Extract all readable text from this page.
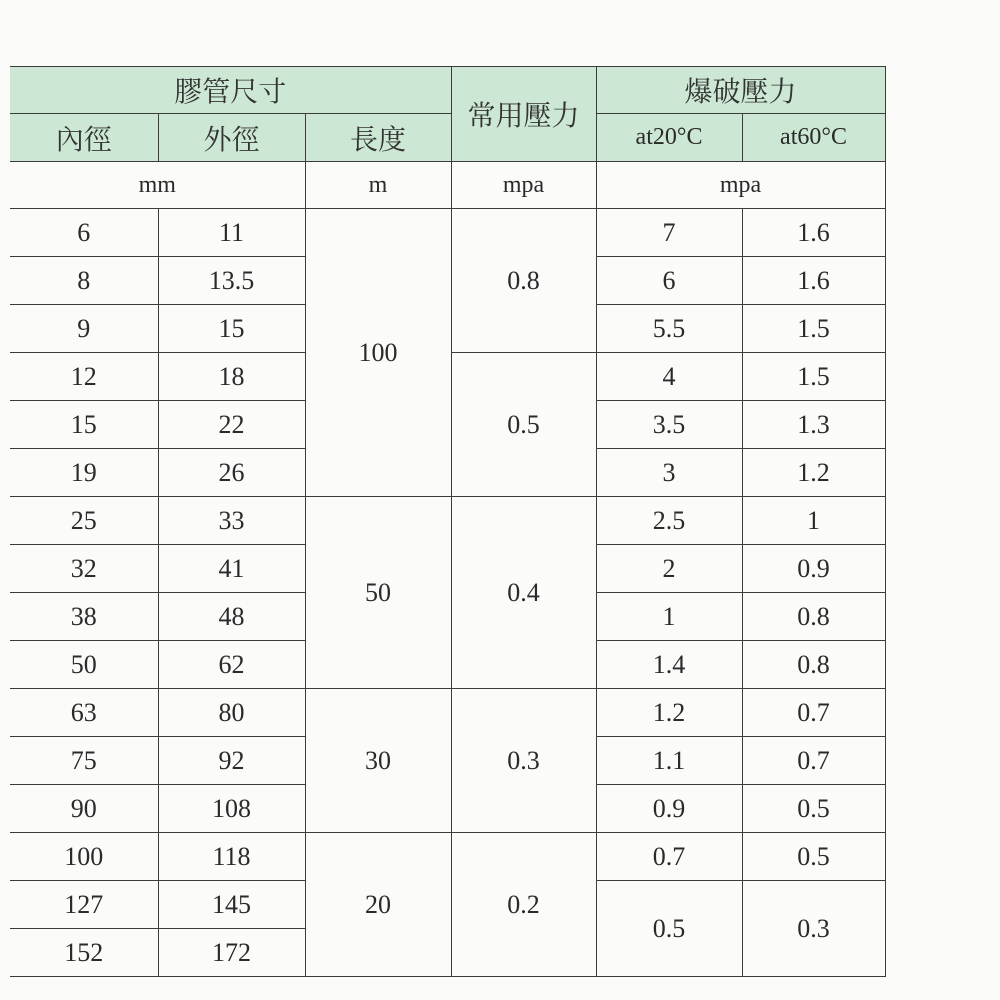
膠管尺寸			常用壓力	爆破壓力	
內徑	外徑	長度		at20°C	at60°C
mm		m	mpa	mpa	
6	11	100	0.8	7	1.6
8	13.5			6	1.6
9	15			5.5	1.5
12	18		0.5	4	1.5
15	22			3.5	1.3
19	26			3	1.2
25	33	50	0.4	2.5	1
32	41			2	0.9
38	48			1	0.8
50	62			1.4	0.8
63	80	30	0.3	1.2	0.7
75	92			1.1	0.7
90	108			0.9	0.5
100	118	20	0.2	0.7	0.5
127	145			0.5	0.3
152	172				
